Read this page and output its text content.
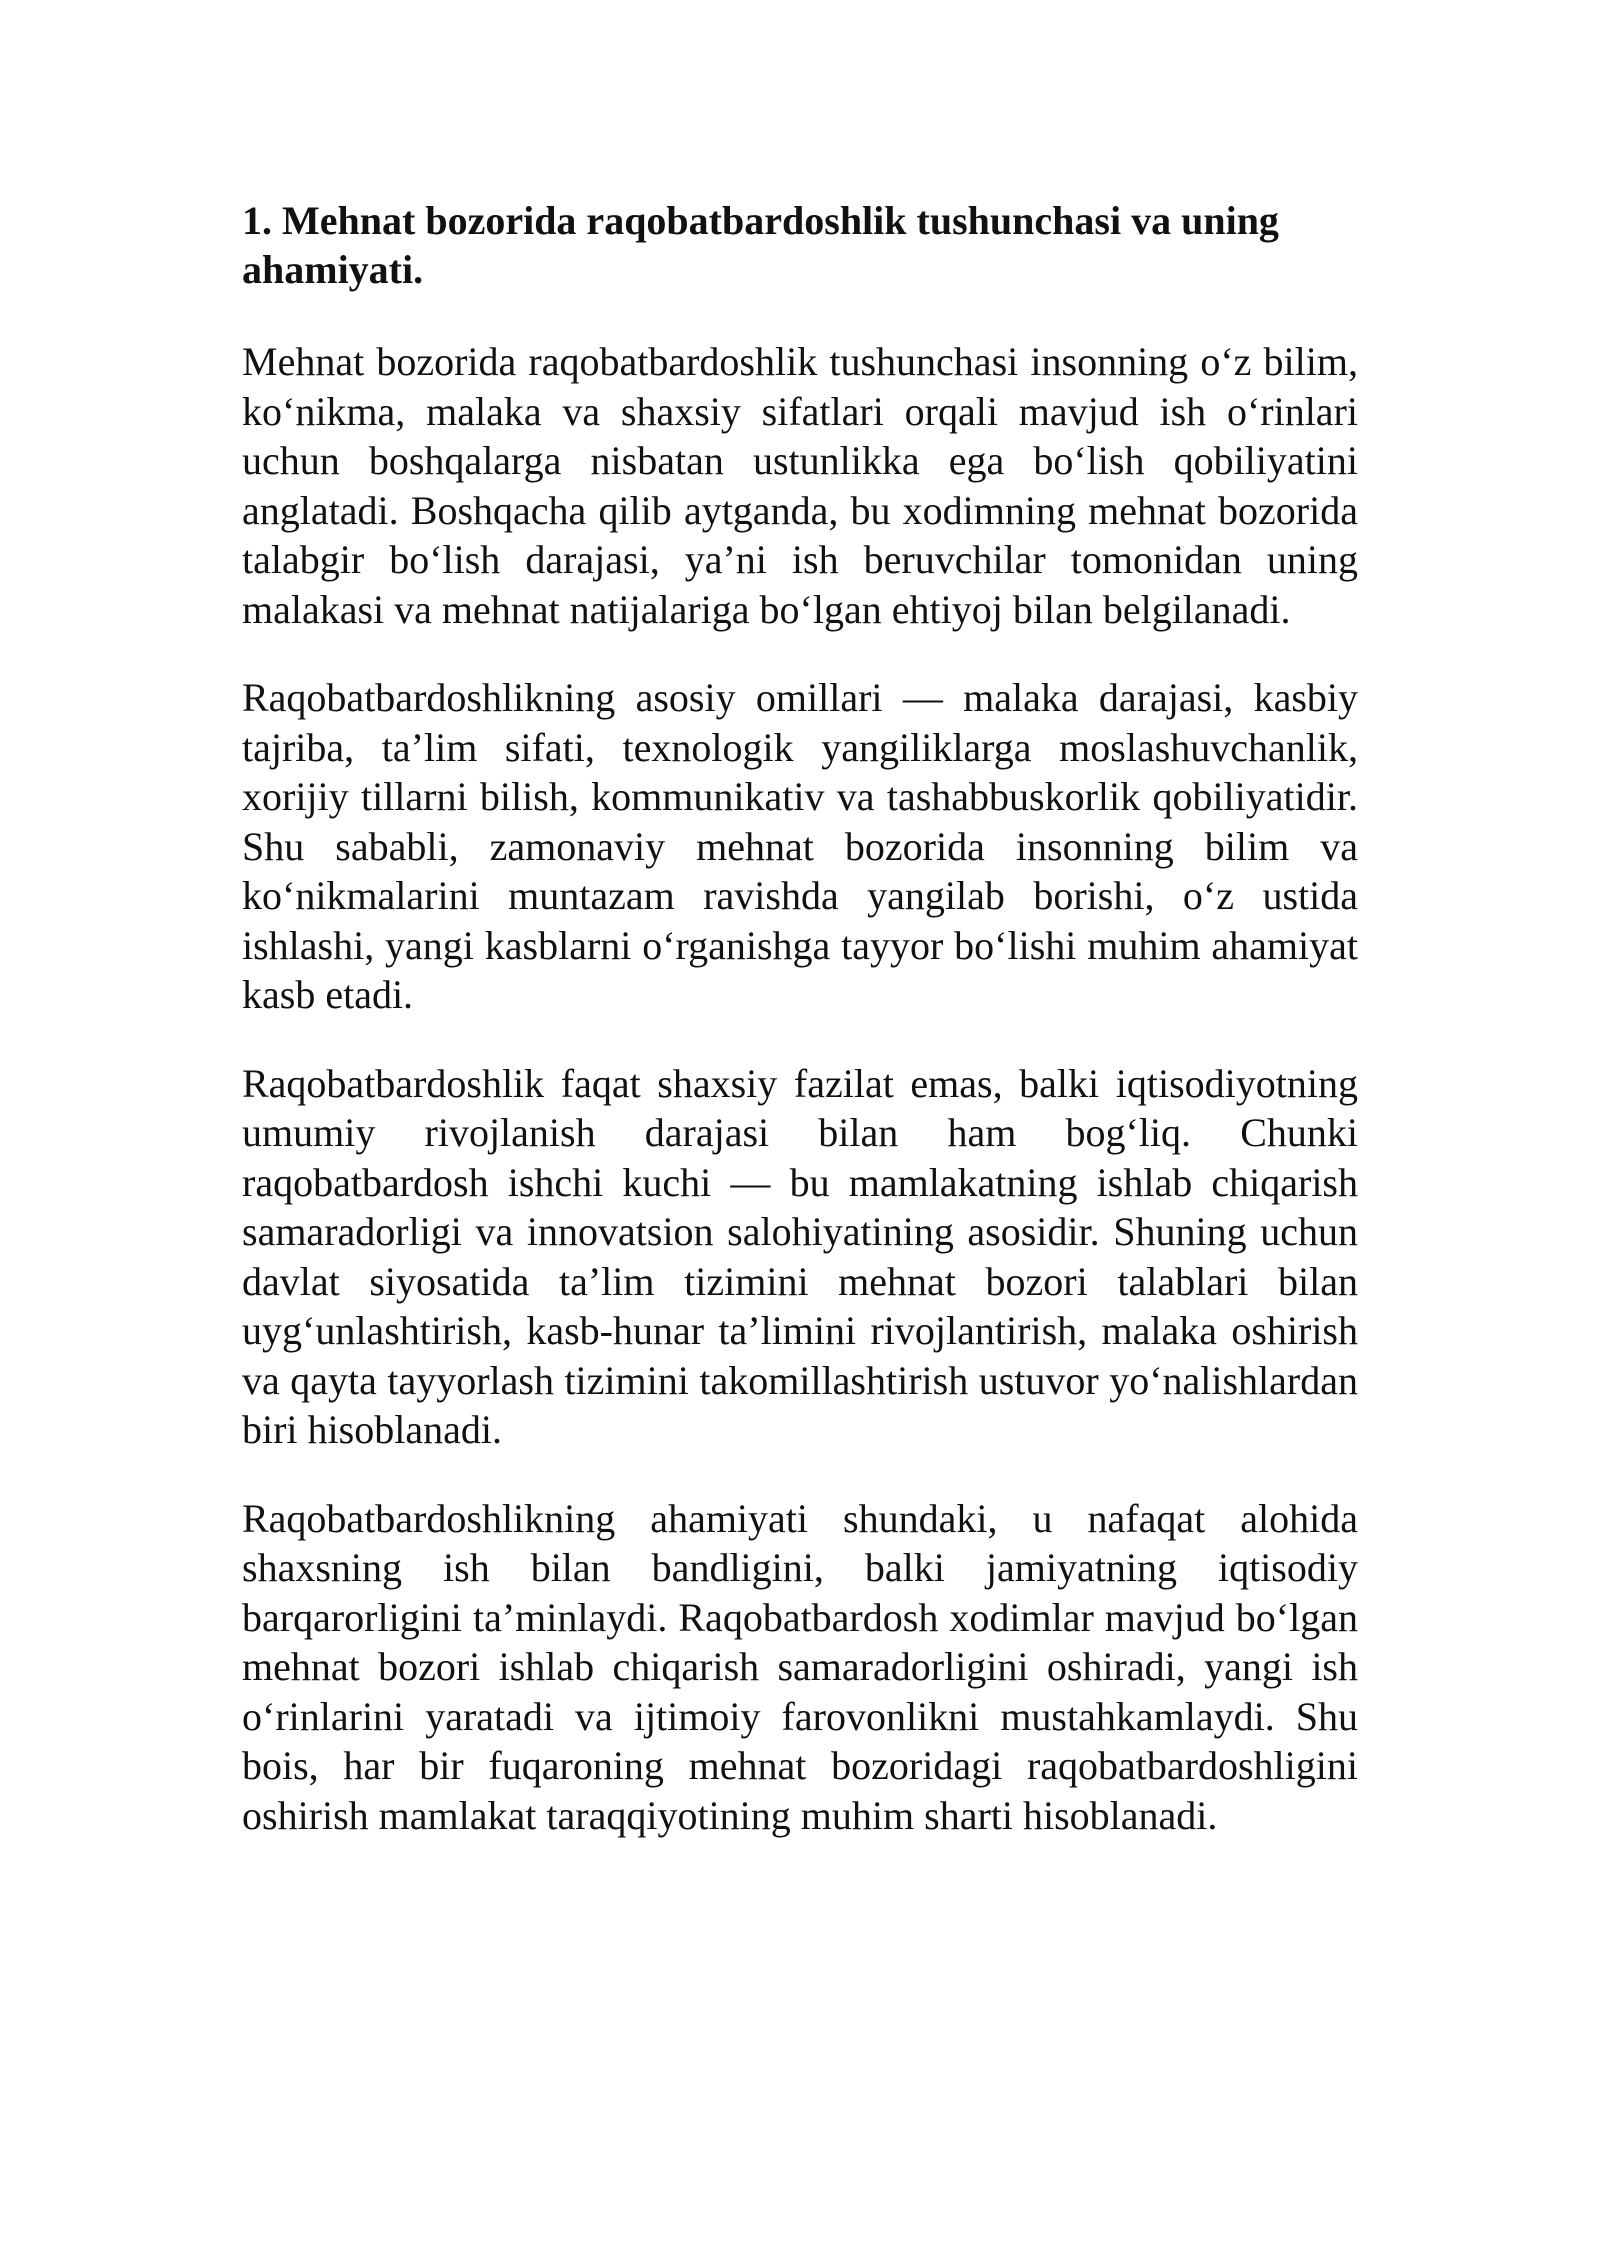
1. Mehnat bozorida raqobatbardoshlik tushunchasi va uning ahamiyati.

Mehnat bozorida raqobatbardoshlik tushunchasi insonning o‘z bilim, ko‘nikma, malaka va shaxsiy sifatlari orqali mavjud ish o‘rinlari uchun boshqalarga nisbatan ustunlikka ega bo‘lish qobiliyatini anglatadi. Boshqacha qilib aytganda, bu xodimning mehnat bozorida talabgir bo‘lish darajasi, ya’ni ish beruvchilar tomonidan uning malakasi va mehnat natijalariga bo‘lgan ehtiyoj bilan belgilanadi.

Raqobatbardoshlikning asosiy omillari — malaka darajasi, kasbiy tajriba, ta’lim sifati, texnologik yangiliklarga moslashuvchanlik, xorijiy tillarni bilish, kommunikativ va tashabbuskorlik qobiliyatidir. Shu sababli, zamonaviy mehnat bozorida insonning bilim va ko‘nikmalarini muntazam ravishda yangilab borishi, o‘z ustida ishlashi, yangi kasblarni o‘rganishga tayyor bo‘lishi muhim ahamiyat kasb etadi.

Raqobatbardoshlik faqat shaxsiy fazilat emas, balki iqtisodiyotning umumiy rivojlanish darajasi bilan ham bog‘liq. Chunki raqobatbardosh ishchi kuchi — bu mamlakatning ishlab chiqarish samaradorligi va innovatsion salohiyatining asosidir. Shuning uchun davlat siyosatida ta’lim tizimini mehnat bozori talablari bilan uyg‘unlashtirish, kasb-hunar ta’limini rivojlantirish, malaka oshirish va qayta tayyorlash tizimini takomillashtirish ustuvor yo‘nalishlardan biri hisoblanadi.

Raqobatbardoshlikning ahamiyati shundaki, u nafaqat alohida shaxsning ish bilan bandligini, balki jamiyatning iqtisodiy barqarorligini ta’minlaydi. Raqobatbardosh xodimlar mavjud bo‘lgan mehnat bozori ishlab chiqarish samaradorligini oshiradi, yangi ish o‘rinlarini yaratadi va ijtimoiy farovonlikni mustahkamlaydi. Shu bois, har bir fuqaroning mehnat bozoridagi raqobatbardoshligini oshirish mamlakat taraqqiyotining muhim sharti hisoblanadi.
